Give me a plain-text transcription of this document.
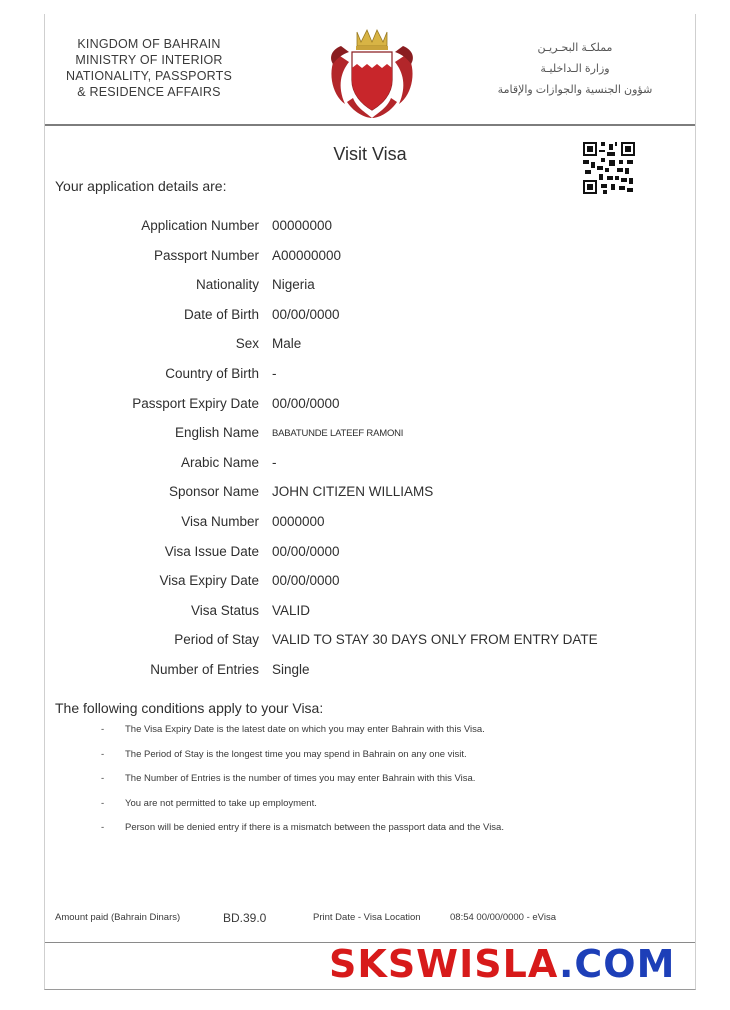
KINGDOM OF BAHRAIN
MINISTRY OF INTERIOR
NATIONALITY, PASSPORTS
& RESIDENCE AFFAIRS
مملكـة البحـريـن
وزارة الـداخليـة
شؤون الجنسية والجوازات والإقامة
Visit Visa
Your application details are:
Application Number 00000000
Passport Number A00000000
Nationality Nigeria
Date of Birth 00/00/0000
Sex Male
Country of Birth -
Passport Expiry Date 00/00/0000
English Name BABATUNDE LATEEF RAMONI
Arabic Name -
Sponsor Name JOHN CITIZEN WILLIAMS
Visa Number 0000000
Visa Issue Date 00/00/0000
Visa Expiry Date 00/00/0000
Visa Status VALID
Period of Stay VALID TO STAY 30 DAYS ONLY FROM ENTRY DATE
Number of Entries Single
The following conditions apply to your Visa:
- The Visa Expiry Date is the latest date on which you may enter Bahrain with this Visa.
- The Period of Stay is the longest time you may spend in Bahrain on any one visit.
- The Number of Entries is the number of times you may enter Bahrain with this Visa.
- You are not permitted to take up employment.
- Person will be denied entry if there is a mismatch between the passport data and the Visa.
Amount paid (Bahrain Dinars)	BD.39.0	Print Date - Visa Location	08:54 00/00/0000 - eVisa
SKSWISLA.COM
